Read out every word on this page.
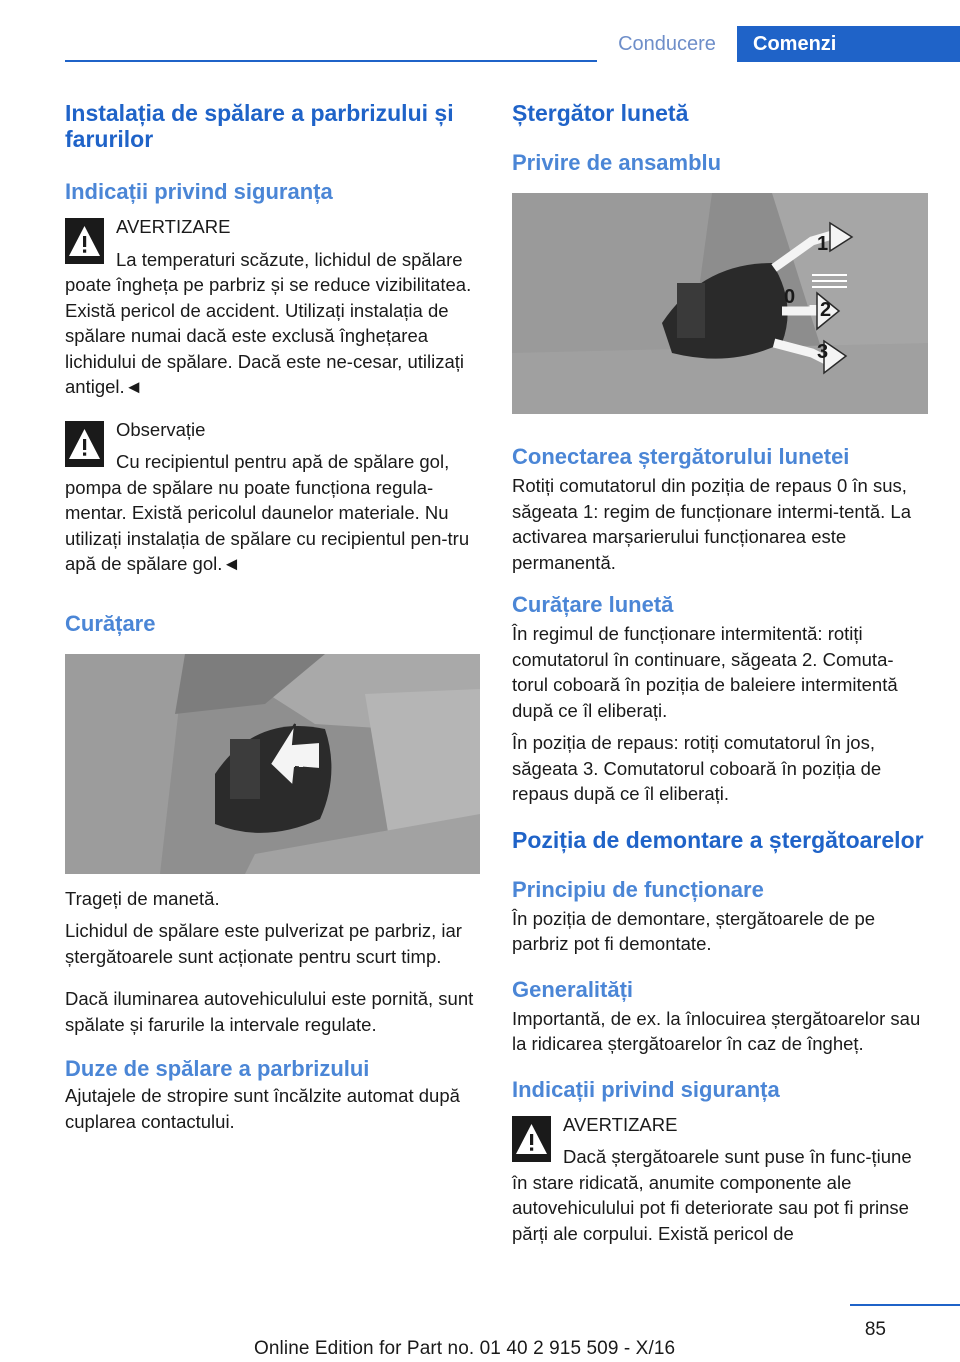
Conducere	Comenzi
Instalația de spălare a parbrizului și farurilor
Indicații privind siguranța

AVERTIZARE

La temperaturi scăzute, lichidul de spălare poate îngheța pe parbriz și se reduce vizibilitatea. Există pericol de accident. Utilizați instalația de spălare numai dacă este exclusă înghețarea lichidului de spălare. Dacă este ne-cesar, utilizați antigel.◄

Observație

Cu recipientul pentru apă de spălare gol, pompa de spălare nu poate funcționa regula-mentar. Există pericolul daunelor materiale. Nu utilizați instalația de spălare cu recipientul pen-tru apă de spălare gol.◄

Curățare

Trageți de manetă.

Lichidul de spălare este pulverizat pe parbriz, iar ștergătoarele sunt acționate pentru scurt timp.

Dacă iluminarea autovehiculului este pornită, sunt spălate și farurile la intervale regulate.

Duze de spălare a parbrizului

Ajutajele de stropire sunt încălzite automat după cuplarea contactului.

Ștergător lunetă
Privire de ansamblu
1
0
2
3
Conectarea ștergătorului lunetei

Rotiți comutatorul din poziția de repaus 0 în sus, săgeata 1: regim de funcționare intermi-tentă. La activarea marșarierului funcționarea este permanentă.

Curățare lunetă

În regimul de funcționare intermitentă: rotiți comutatorul în continuare, săgeata 2. Comuta-torul coboară în poziția de baleiere intermitentă după ce îl eliberați.

În poziția de repaus: rotiți comutatorul în jos, săgeata 3. Comutatorul coboară în poziția de repaus după ce îl eliberați.

Poziția de demontare a ștergătoarelor
Principiu de funcționare

În poziția de demontare, ștergătoarele de pe parbriz pot fi demontate.

Generalități

Importantă, de ex. la înlocuirea ștergătoarelor sau la ridicarea ștergătoarelor în caz de îngheț.

Indicații privind siguranța

AVERTIZARE

Dacă ștergătoarele sunt puse în func-țiune în stare ridicată, anumite componente ale autovehiculului pot fi deteriorate sau pot fi prinse părți ale corpului. Există pericol de

85
Online Edition for Part no. 01 40 2 915 509 - X/16
